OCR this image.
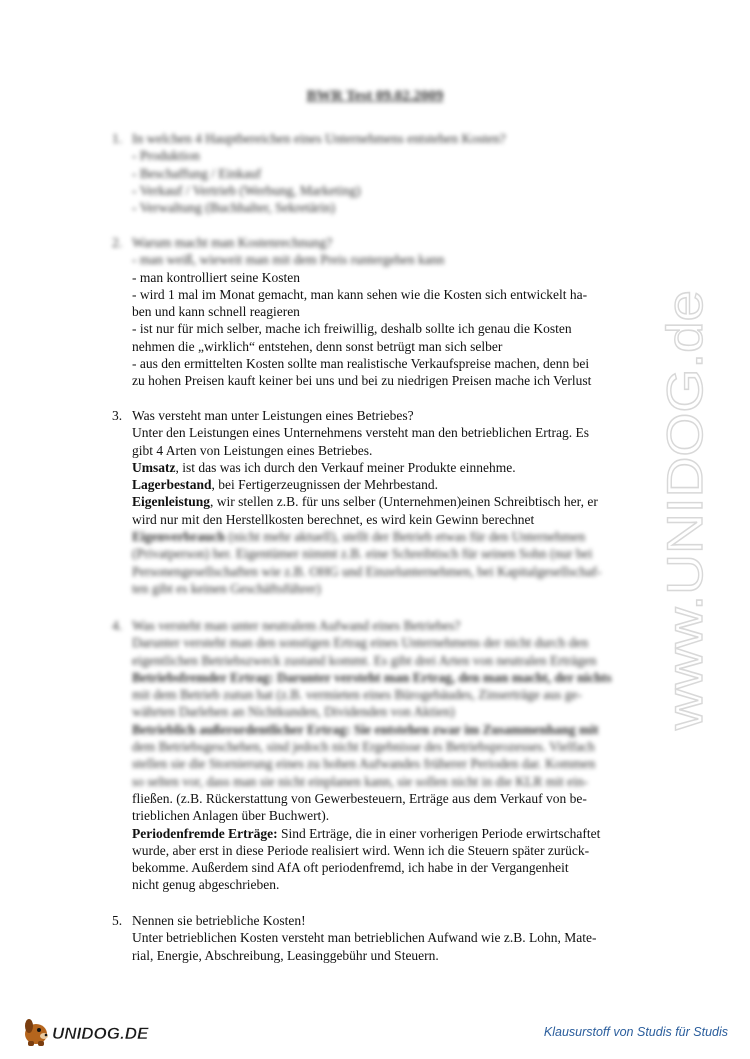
BWR Test 09.02.2009
1. In welchen 4 Hauptbereichen eines Unternehmens entstehen Kosten?
- Produktion
- Beschaffung / Einkauf
- Verkauf / Vertrieb (Werbung, Marketing)
- Verwaltung (Buchhalter, Sekretärin)
2. Warum macht man Kostenrechnung?
- man weiß, wieweit man mit dem Preis runtergehen kann
- man kontrolliert seine Kosten
- wird 1 mal im Monat gemacht, man kann sehen wie die Kosten sich entwickelt ha-
ben und kann schnell reagieren
- ist nur für mich selber, mache ich freiwillig, deshalb sollte ich genau die Kosten
nehmen die „wirklich“ entstehen, denn sonst betrügt man sich selber
- aus den ermittelten Kosten sollte man realistische Verkaufspreise machen, denn bei
zu hohen Preisen kauft keiner bei uns und bei zu niedrigen Preisen mache ich Verlust
3. Was versteht man unter Leistungen eines Betriebes?
Unter den Leistungen eines Unternehmens versteht man den betrieblichen Ertrag. Es
gibt 4 Arten von Leistungen eines Betriebes.
Umsatz, ist das was ich durch den Verkauf meiner Produkte einnehme.
Lagerbestand, bei Fertigerzeugnissen der Mehrbestand.
Eigenleistung, wir stellen z.B. für uns selber (Unternehmen)einen Schreibtisch her, er
wird nur mit den Herstellkosten berechnet, es wird kein Gewinn berechnet
Eigenverbrauch (nicht mehr aktuell), stellt der Betrieb etwas für den Unternehmen
(Privatperson) her. Eigentümer nimmt z.B. eine Schreibtisch für seinen Sohn (nur bei
Personengesellschaften wie z.B. OHG und Einzelunternehmen, bei Kapitalgesellschaf-
ten gibt es keinen Geschäftsführer)
4. Was versteht man unter neutralem Aufwand eines Betriebes?
Darunter versteht man den sonstigen Ertrag eines Unternehmens der nicht durch den
eigentlichen Betriebszweck zustand kommt. Es gibt drei Arten von neutralen Erträgen
Betriebsfremder Ertrag: Darunter versteht man Ertrag, den man macht, der nichts
mit dem Betrieb zutun hat (z.B. vermieten eines Bürogebäudes, Zinserträge aus ge-
währten Darlehen an Nichtkunden, Dividenden von Aktien)
Betrieblich außerordentlicher Ertrag: Sie entstehen zwar im Zusammenhang mit
dem Betriebsgeschehen, sind jedoch nicht Ergebnisse des Betriebsprozesses. Vielfach
stellen sie die Stornierung eines zu hohen Aufwandes früherer Perioden dar. Kommen
so selten vor, dass man sie nicht einplanen kann, sie sollen nicht in die KLR mit ein-
fließen. (z.B. Rückerstattung von Gewerbesteuern, Erträge aus dem Verkauf von be-
trieblichen Anlagen über Buchwert).
Periodenfremde Erträge: Sind Erträge, die in einer vorherigen Periode erwirtschaftet
wurde, aber erst in diese Periode realisiert wird. Wenn ich die Steuern später zurück-
bekomme. Außerdem sind AfA oft periodenfremd, ich habe in der Vergangenheit
nicht genug abgeschrieben.
5. Nennen sie betriebliche Kosten!
Unter betrieblichen Kosten versteht man betrieblichen Aufwand wie z.B. Lohn, Mate-
rial, Energie, Abschreibung, Leasinggebühr und Steuern.
www.UNIDOG.de
UNIDOG.DE	Klausurstoff von Studis für Studis
